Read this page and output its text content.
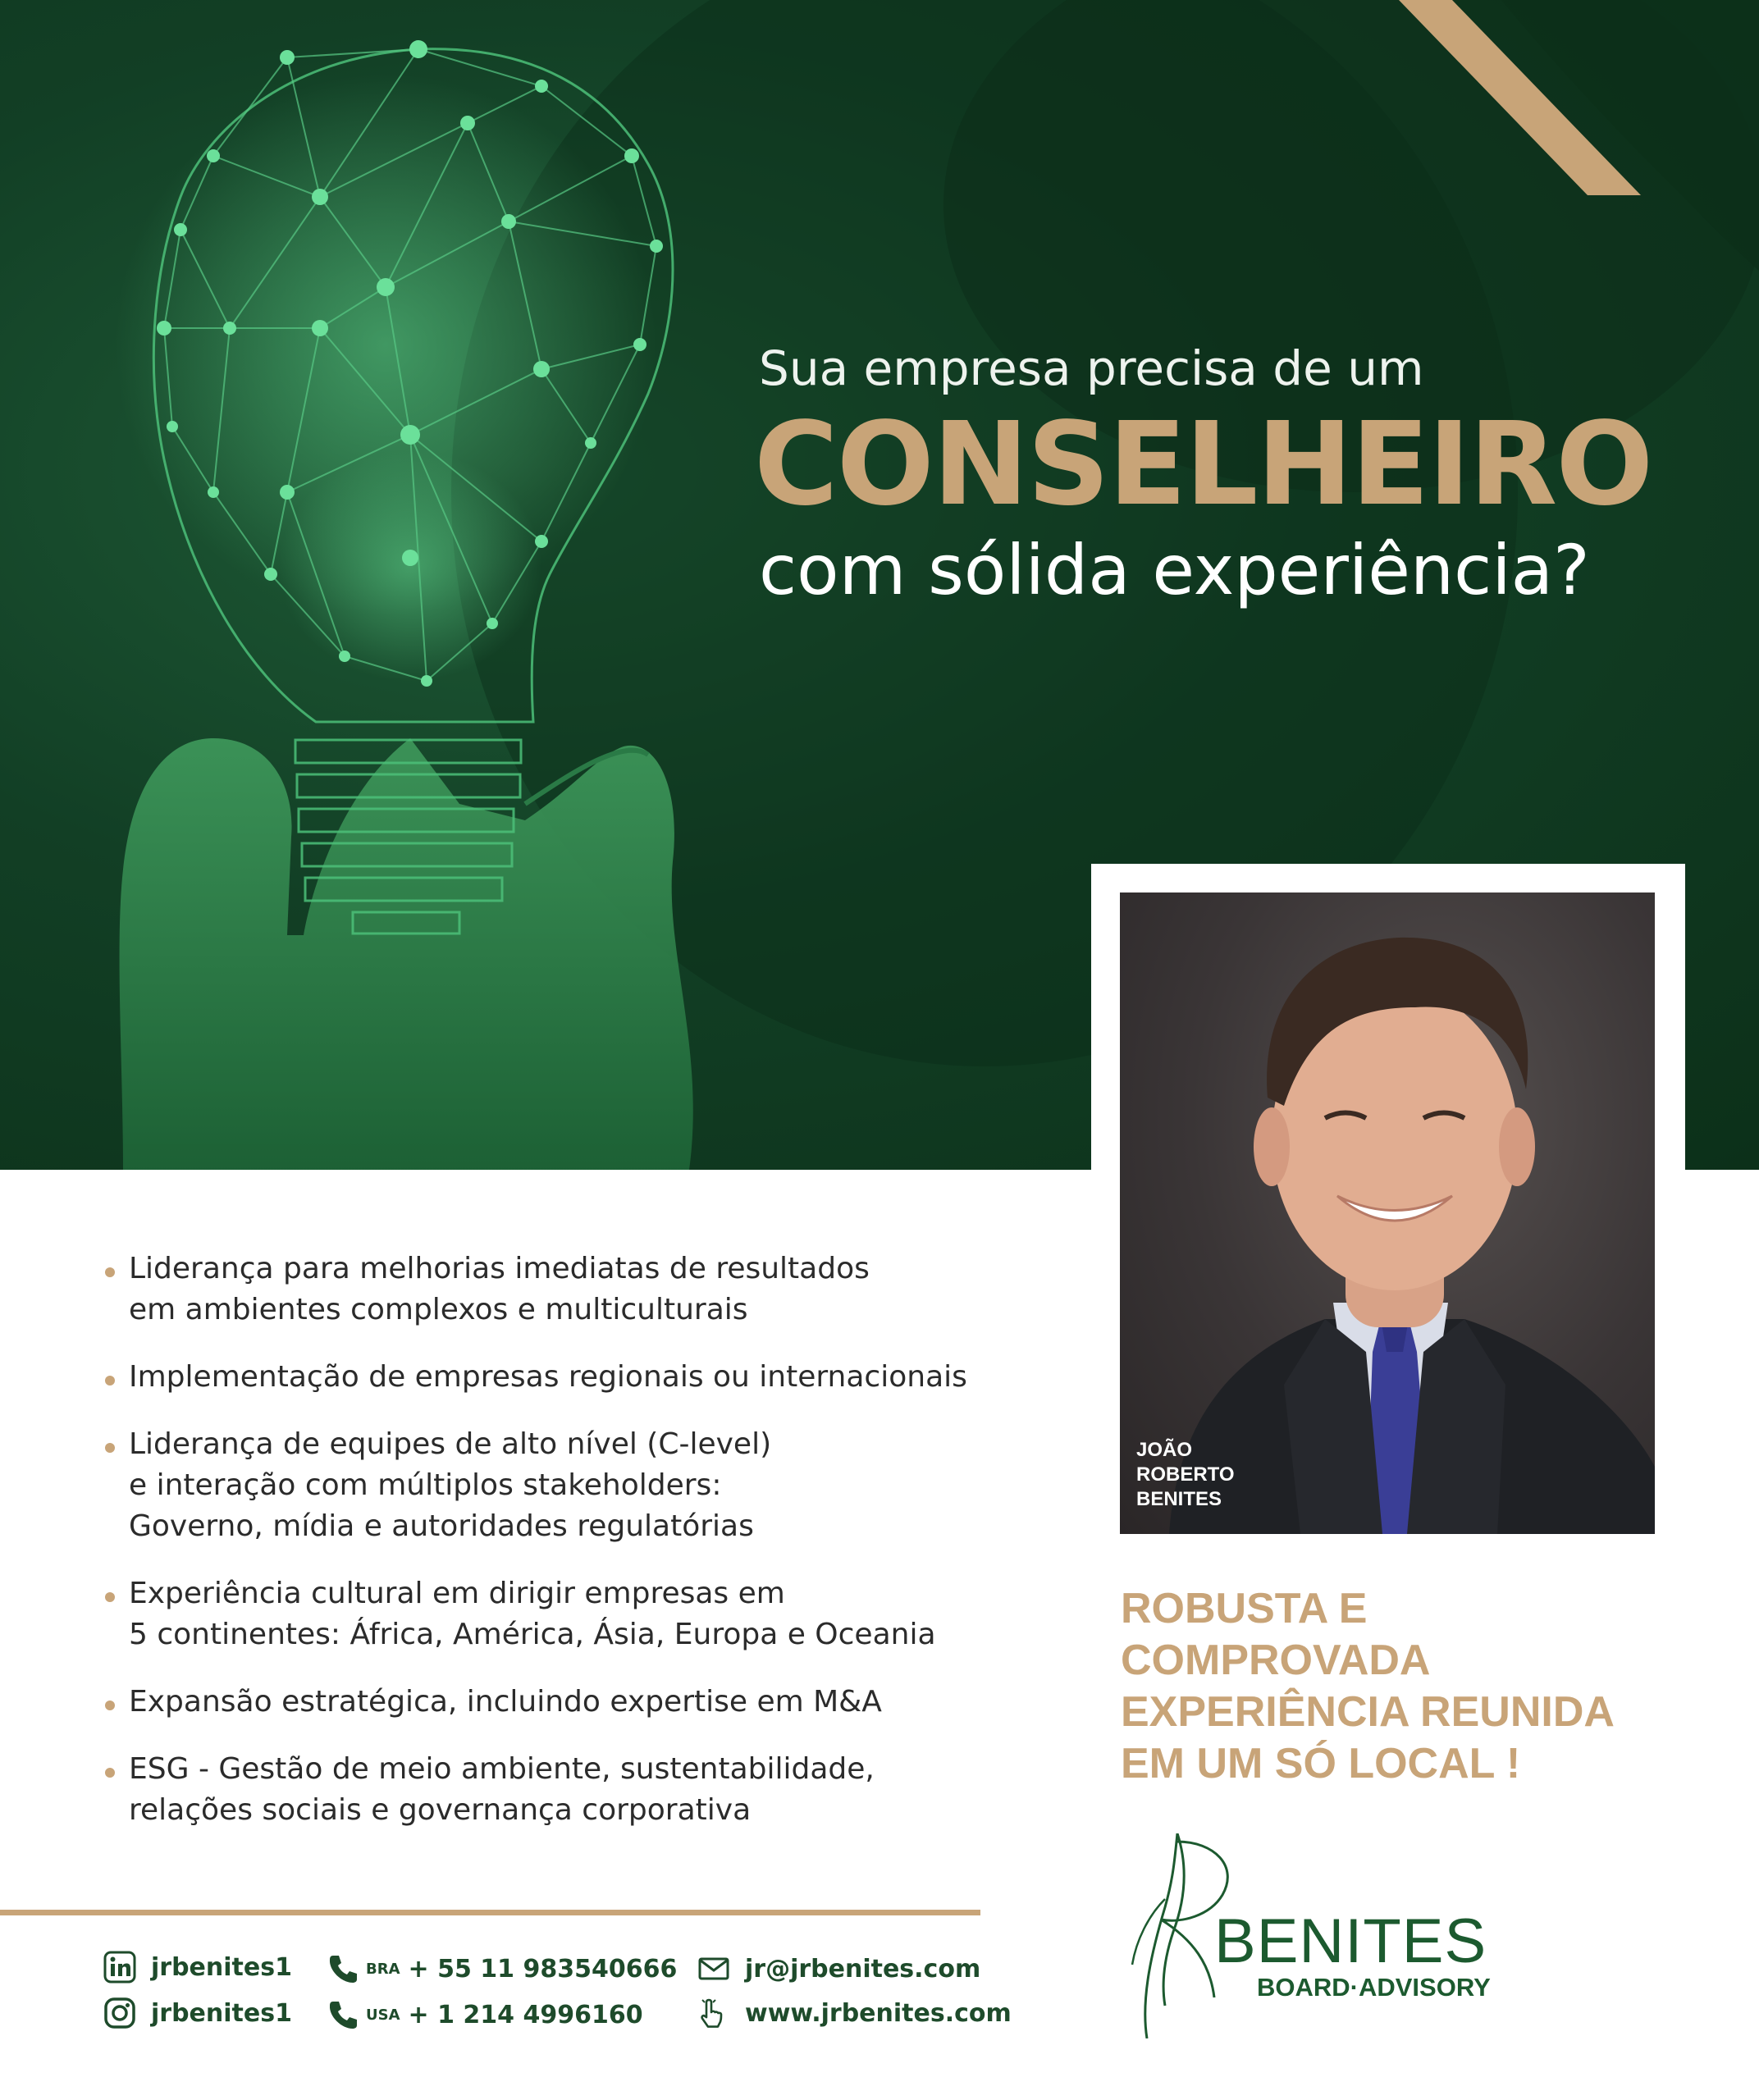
Sua empresa precisa de um

CONSELHEIRO

com sólida experiência?

JOÃO
ROBERTO
BENITES
Liderança para melhorias imediatas de resultados
em ambientes complexos e multiculturais
Implementação de empresas regionais ou internacionais
Liderança de equipes de alto nível (C-level)
e interação com múltiplos stakeholders:
Governo, mídia e autoridades regulatórias
Experiência cultural em dirigir empresas em
5 continentes: África, América, Ásia, Europa e Oceania
Expansão estratégica, incluindo expertise em M&A
ESG - Gestão de meio ambiente, sustentabilidade,
relações sociais e governança corporativa
ROBUSTA E
COMPROVADA
EXPERIÊNCIA REUNIDA
EM UM SÓ LOCAL !
jrbenites1
jrbenites1
BRA + 55 11 983540666
USA + 1 214 4996160
jr@jrbenites.com
www.jrbenites.com
BENITES
BOARD·ADVISORY
